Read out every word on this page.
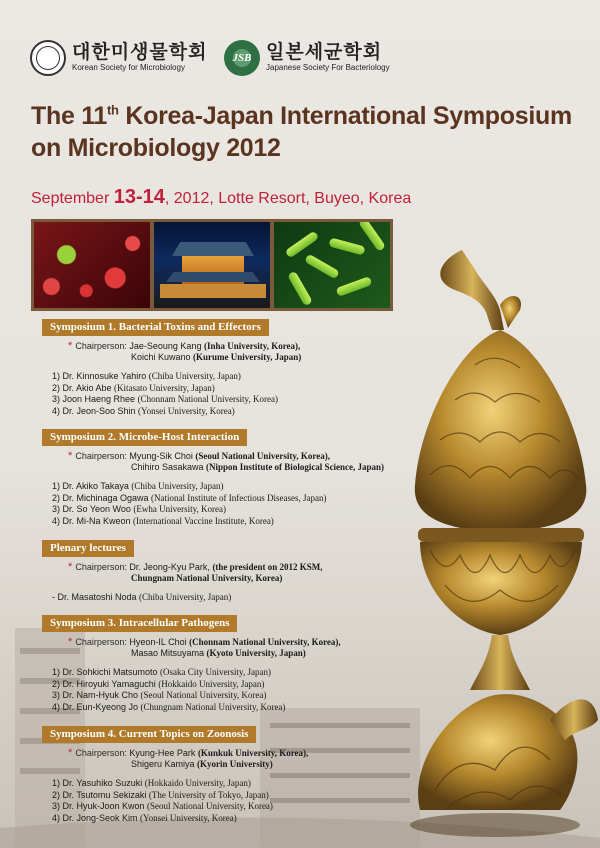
대한미생물학회
Korean Society for Microbiology
JSB 일본세균학회
Japanese Society For Bacteriology
The 11th Korea-Japan International Symposium
on Microbiology 2012
September 13-14, 2012, Lotte Resort, Buyeo, Korea
Symposium 1. Bacterial Toxins and Effectors
* Chairperson: Jae-Seoung Kang (Inha University, Korea),
Koichi Kuwano (Kurume University, Japan)
1) Dr. Kinnosuke Yahiro (Chiba University, Japan)
2) Dr. Akio Abe (Kitasato University, Japan)
3) Joon Haeng Rhee (Chonnam National University, Korea)
4) Dr. Jeon-Soo Shin (Yonsei University, Korea)
Symposium 2. Microbe-Host Interaction
* Chairperson: Myung-Sik Choi (Seoul National University, Korea),
Chihiro Sasakawa (Nippon Institute of Biological Science, Japan)
1) Dr. Akiko Takaya (Chiba University, Japan)
2) Dr. Michinaga Ogawa (National Institute of Infectious Diseases, Japan)
3) Dr. So Yeon Woo (Ewha University, Korea)
4) Dr. Mi-Na Kweon (International Vaccine Institute, Korea)
Plenary lectures
* Chairperson: Dr. Jeong-Kyu Park, (the president on 2012 KSM,
Chungnam National University, Korea)
- Dr. Masatoshi Noda (Chiba University, Japan)
Symposium 3. Intracellular Pathogens
* Chairperson: Hyeon-IL Choi (Chonnam National University, Korea),
Masao Mitsuyama (Kyoto University, Japan)
1) Dr. Sohkichi Matsumoto (Osaka City University, Japan)
2) Dr. Hiroyuki Yamaguchi (Hokkaido University, Japan)
3) Dr. Nam-Hyuk Cho (Seoul National University, Korea)
4) Dr. Eun-Kyeong Jo (Chungnam National University, Korea)
Symposium 4. Current Topics on Zoonosis
* Chairperson: Kyung-Hee Park (Kunkuk University, Korea),
Shigeru Kamiya (Kyorin University)
1) Dr. Yasuhiko Suzuki (Hokkaido University, Japan)
2) Dr. Tsutomu Sekizaki (The University of Tokyo, Japan)
3) Dr. Hyuk-Joon Kwon (Seoul National University, Korea)
4) Dr. Jong-Seok Kim (Yonsei University, Korea)
